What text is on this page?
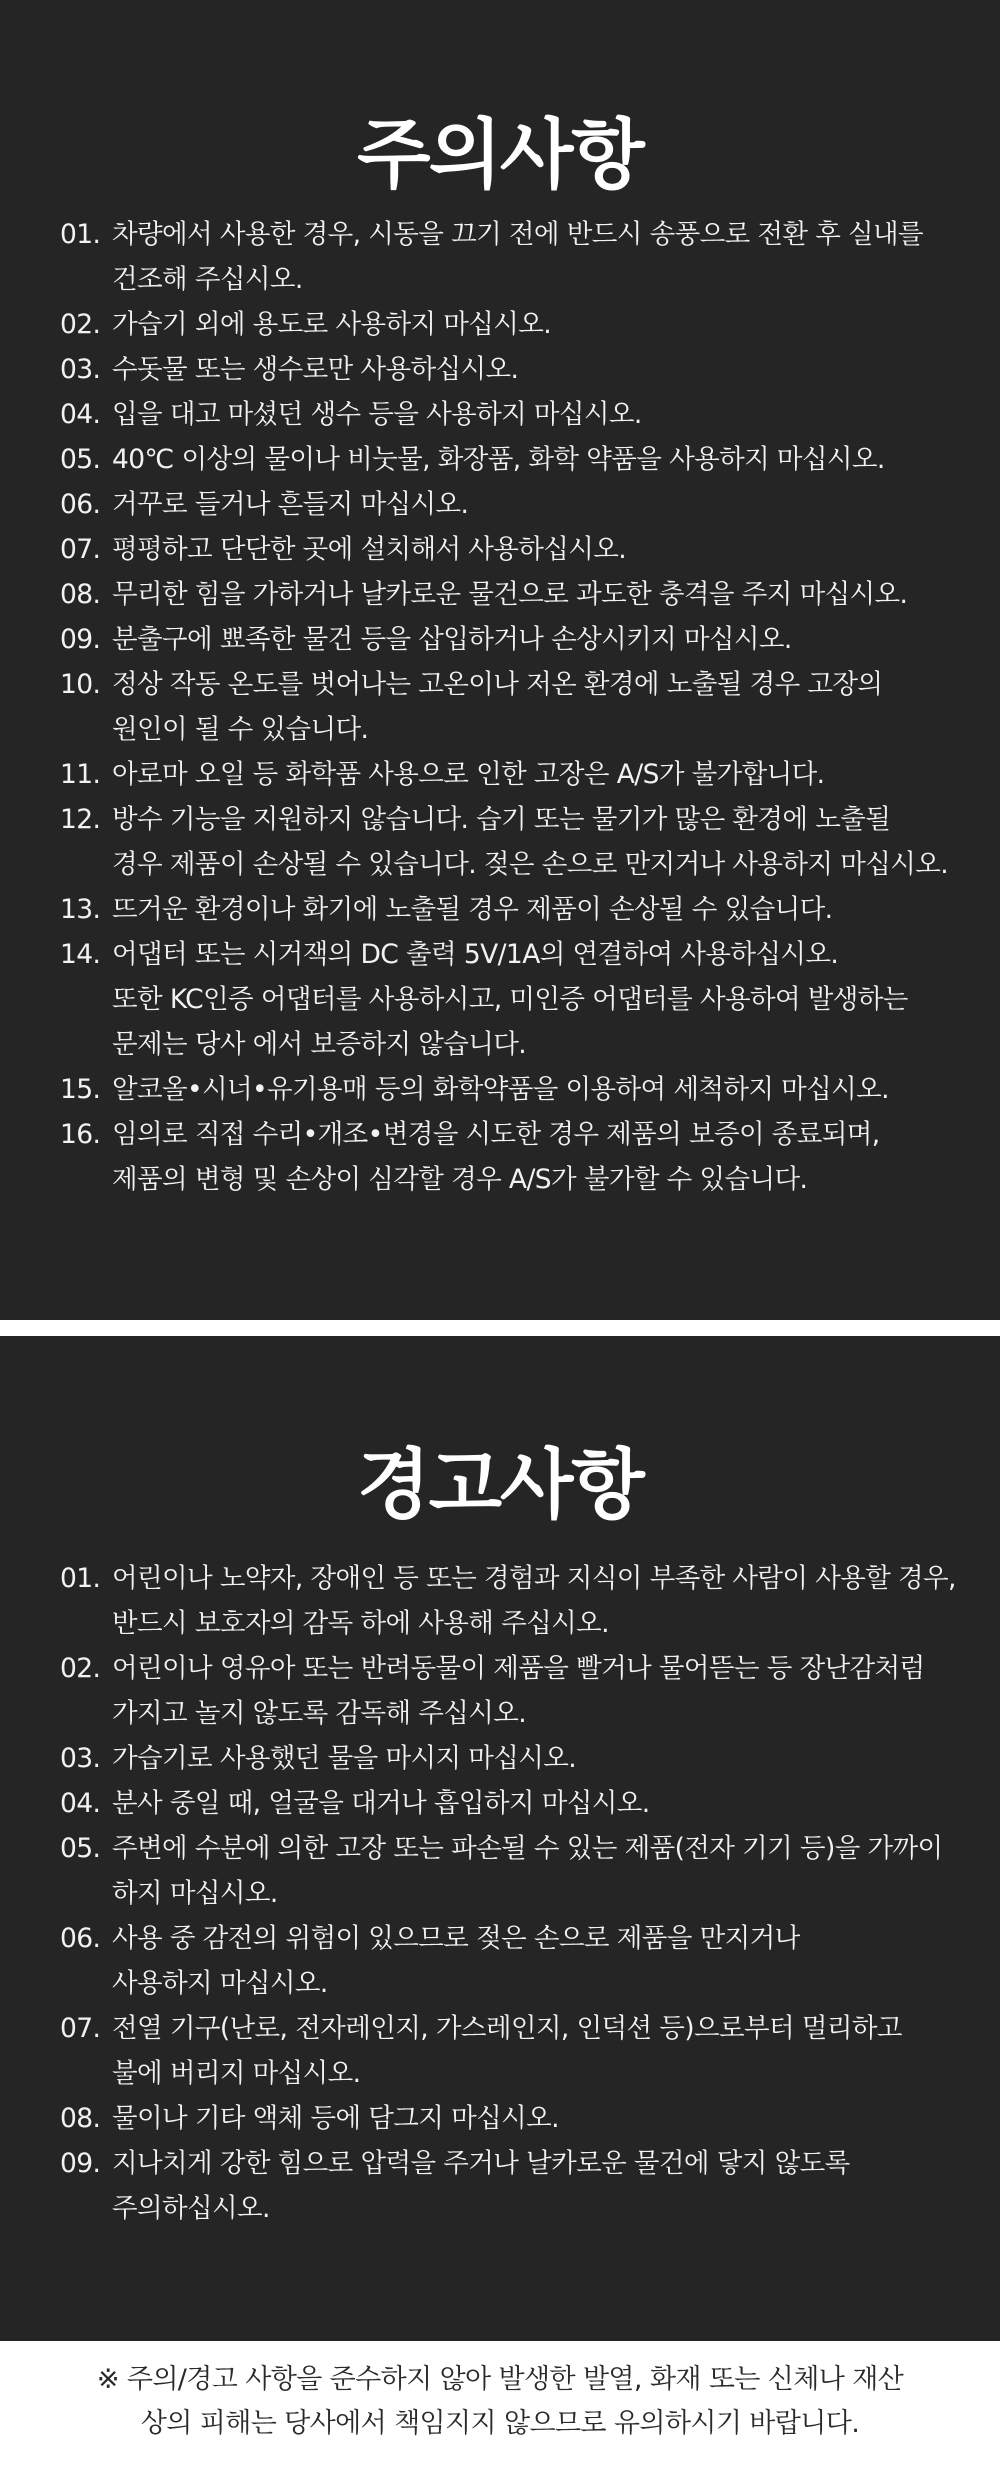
주의사항
01. 차량에서 사용한 경우, 시동을 끄기 전에 반드시 송풍으로 전환 후 실내를
건조해 주십시오.
02. 가습기 외에 용도로 사용하지 마십시오.
03. 수돗물 또는 생수로만 사용하십시오.
04. 입을 대고 마셨던 생수 등을 사용하지 마십시오.
05. 40℃ 이상의 물이나 비눗물, 화장품, 화학 약품을 사용하지 마십시오.
06. 거꾸로 들거나 흔들지 마십시오.
07. 평평하고 단단한 곳에 설치해서 사용하십시오.
08. 무리한 힘을 가하거나 날카로운 물건으로 과도한 충격을 주지 마십시오.
09. 분출구에 뾰족한 물건 등을 삽입하거나 손상시키지 마십시오.
10. 정상 작동 온도를 벗어나는 고온이나 저온 환경에 노출될 경우 고장의
원인이 될 수 있습니다.
11. 아로마 오일 등 화학품 사용으로 인한 고장은 A/S가 불가합니다.
12. 방수 기능을 지원하지 않습니다. 습기 또는 물기가 많은 환경에 노출될
경우 제품이 손상될 수 있습니다. 젖은 손으로 만지거나 사용하지 마십시오.
13. 뜨거운 환경이나 화기에 노출될 경우 제품이 손상될 수 있습니다.
14. 어댑터 또는 시거잭의 DC 출력 5V/1A의 연결하여 사용하십시오.
또한 KC인증 어댑터를 사용하시고, 미인증 어댑터를 사용하여 발생하는
문제는 당사 에서 보증하지 않습니다.
15. 알코올•시너•유기용매 등의 화학약품을 이용하여 세척하지 마십시오.
16. 임의로 직접 수리•개조•변경을 시도한 경우 제품의 보증이 종료되며,
제품의 변형 및 손상이 심각할 경우 A/S가 불가할 수 있습니다.
경고사항
01. 어린이나 노약자, 장애인 등 또는 경험과 지식이 부족한 사람이 사용할 경우,
반드시 보호자의 감독 하에 사용해 주십시오.
02. 어린이나 영유아 또는 반려동물이 제품을 빨거나 물어뜯는 등 장난감처럼
가지고 놀지 않도록 감독해 주십시오.
03. 가습기로 사용했던 물을 마시지 마십시오.
04. 분사 중일 때, 얼굴을 대거나 흡입하지 마십시오.
05. 주변에 수분에 의한 고장 또는 파손될 수 있는 제품(전자 기기 등)을 가까이
하지 마십시오.
06. 사용 중 감전의 위험이 있으므로 젖은 손으로 제품을 만지거나
사용하지 마십시오.
07. 전열 기구(난로, 전자레인지, 가스레인지, 인덕션 등)으로부터 멀리하고
불에 버리지 마십시오.
08. 물이나 기타 액체 등에 담그지 마십시오.
09. 지나치게 강한 힘으로 압력을 주거나 날카로운 물건에 닿지 않도록
주의하십시오.
※ 주의/경고 사항을 준수하지 않아 발생한 발열, 화재 또는 신체나 재산
상의 피해는 당사에서 책임지지 않으므로 유의하시기 바랍니다.
